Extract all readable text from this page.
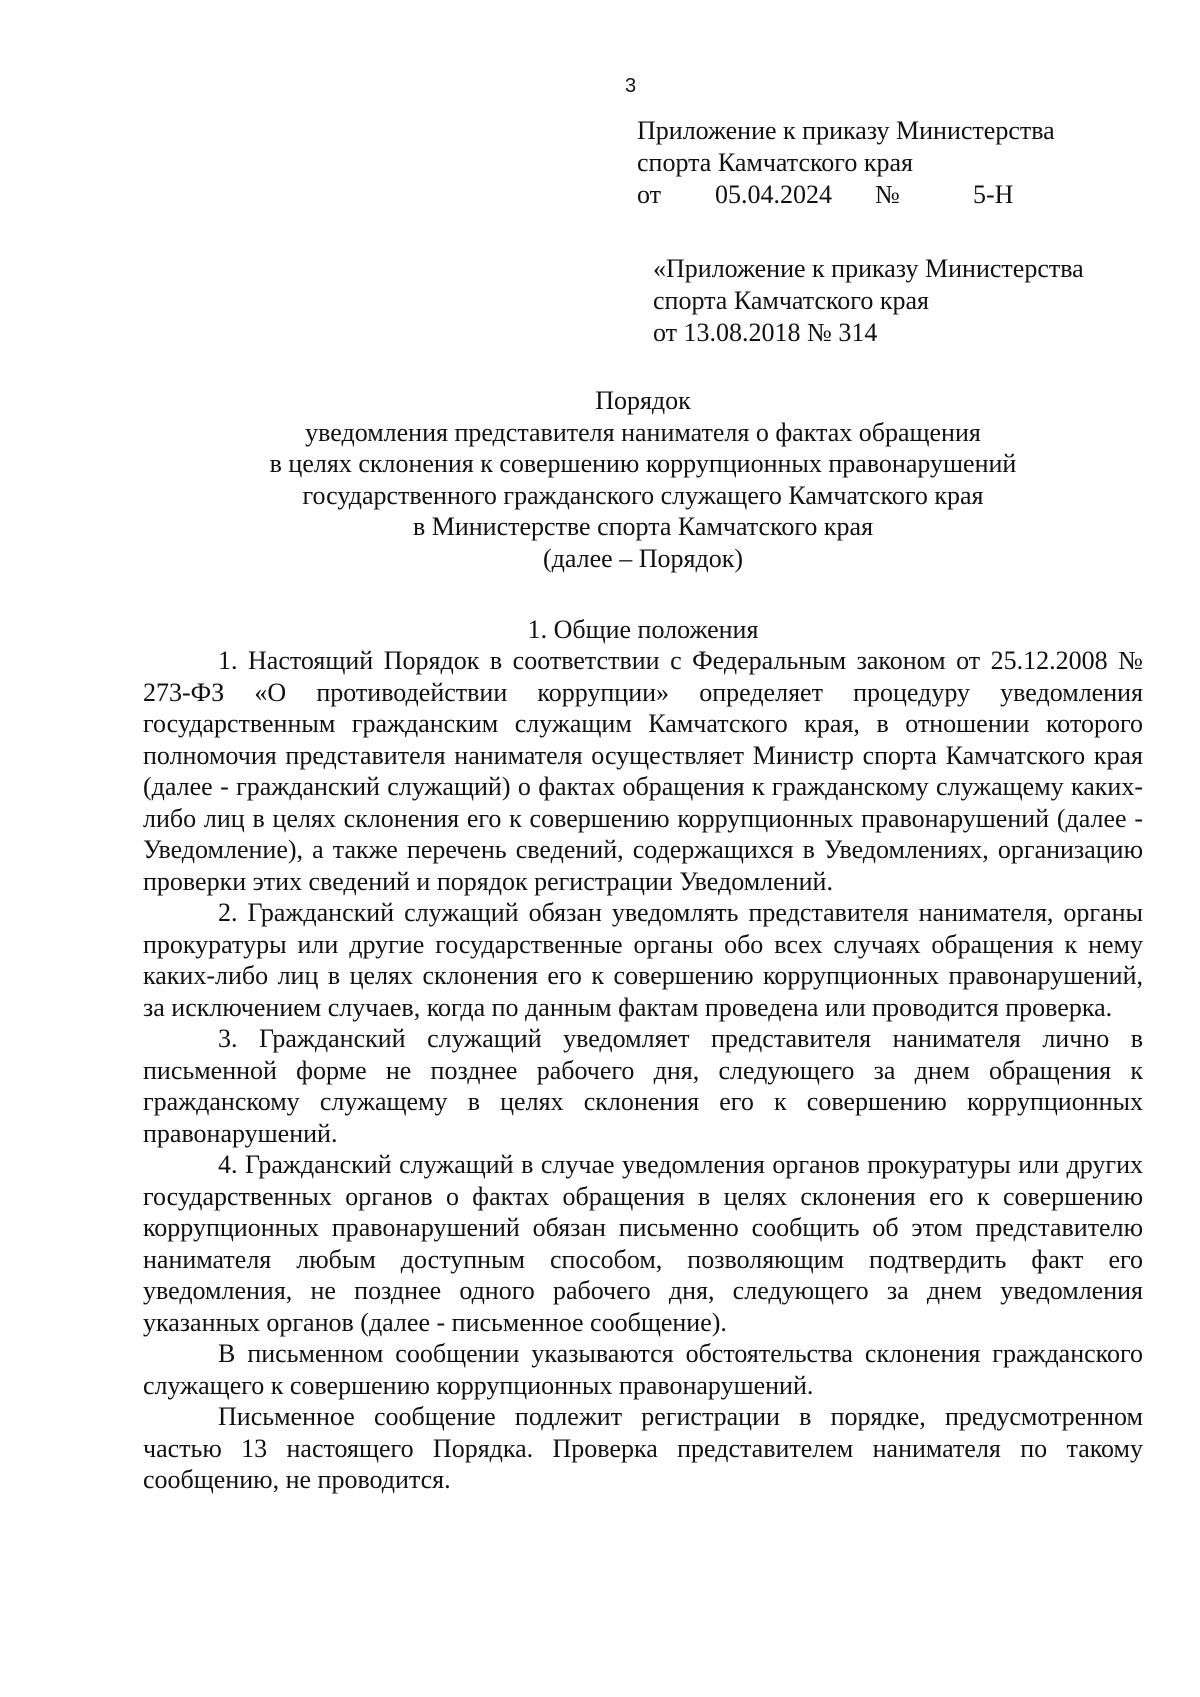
3
Приложение к приказу Министерства
спорта Камчатского края
от	05.04.2024	№	5-Н
«Приложение к приказу Министерства
спорта Камчатского края
от 13.08.2018 № 314
Порядок
уведомления представителя нанимателя о фактах обращения
в целях склонения к совершению коррупционных правонарушений
государственного гражданского служащего Камчатского края
в Министерстве спорта Камчатского края
(далее – Порядок)
1. Общие положения

1. Настоящий Порядок в соответствии с Федеральным законом от 25.12.2008 № 273-ФЗ «О противодействии коррупции» определяет процедуру уведомления государственным гражданским служащим Камчатского края, в отношении которого полномочия представителя нанимателя осуществляет Министр спорта Камчатского края (далее - гражданский служащий) о фактах обращения к гражданскому служащему каких-либо лиц в целях склонения его к совершению коррупционных правонарушений (далее - Уведомление), а также перечень сведений, содержащихся в Уведомлениях, организацию проверки этих сведений и порядок регистрации Уведомлений.

2. Гражданский служащий обязан уведомлять представителя нанимателя, органы прокуратуры или другие государственные органы обо всех случаях обращения к нему каких-либо лиц в целях склонения его к совершению коррупционных правонарушений, за исключением случаев, когда по данным фактам проведена или проводится проверка.

3. Гражданский служащий уведомляет представителя нанимателя лично в письменной форме не позднее рабочего дня, следующего за днем обращения к гражданскому служащему в целях склонения его к совершению коррупционных правонарушений.

4. Гражданский служащий в случае уведомления органов прокуратуры или других государственных органов о фактах обращения в целях склонения его к совершению коррупционных правонарушений обязан письменно сообщить об этом представителю нанимателя любым доступным способом, позволяющим подтвердить факт его уведомления, не позднее одного рабочего дня, следующего за днем уведомления указанных органов (далее - письменное сообщение).

В письменном сообщении указываются обстоятельства склонения гражданского служащего к совершению коррупционных правонарушений.

Письменное сообщение подлежит регистрации в порядке, предусмотренном частью 13 настоящего Порядка. Проверка представителем нанимателя по такому сообщению, не проводится.
